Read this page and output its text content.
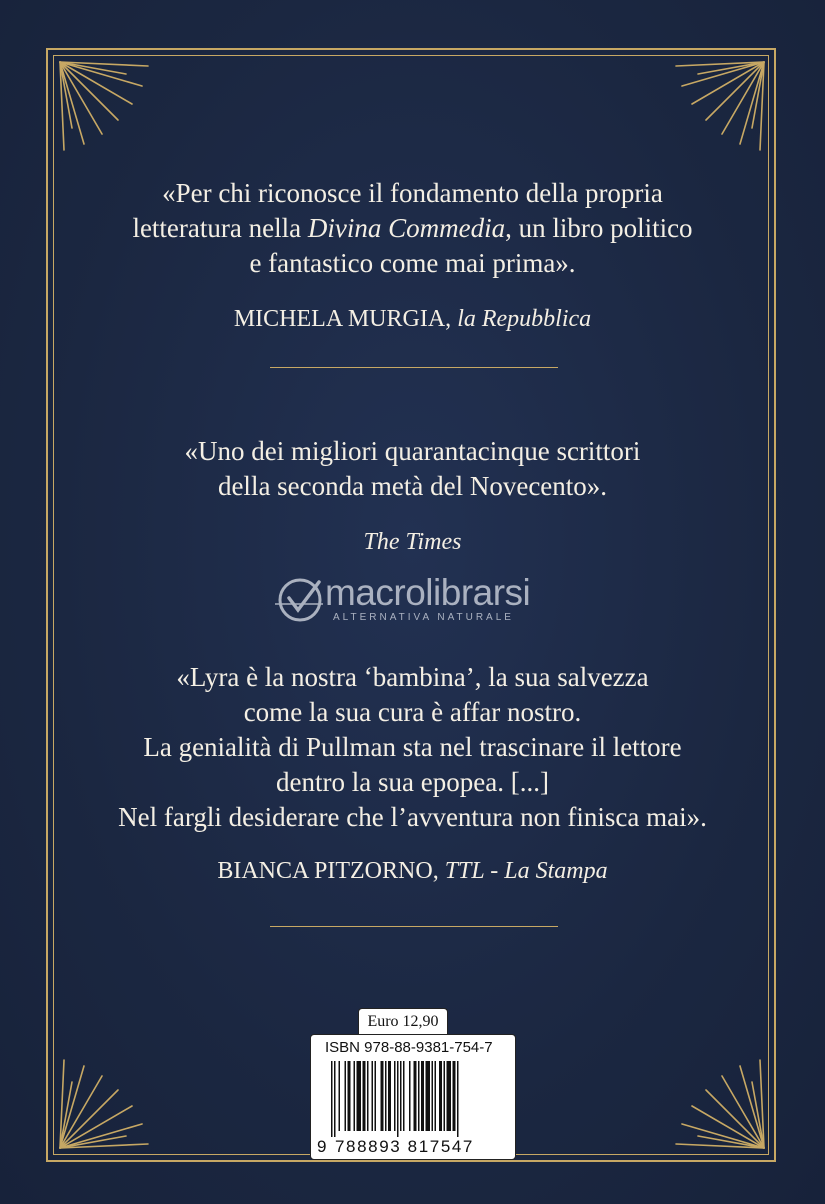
«Per chi riconosce il fondamento della propria
letteratura nella Divina Commedia, un libro politico
e fantastico come mai prima».
MICHELA MURGIA, la Repubblica
«Uno dei migliori quarantacinque scrittori
della seconda metà del Novecento».
The Times
macrolibrarsi
ALTERNATIVA NATURALE
«Lyra è la nostra ‘bambina’, la sua salvezza
come la sua cura è affar nostro.
La genialità di Pullman sta nel trascinare il lettore
dentro la sua epopea. [...]
Nel fargli desiderare che l’avventura non finisca mai».
BIANCA PITZORNO, TTL - La Stampa
Euro 12,90
ISBN 978-88-9381-754-7
9 788893 817547
